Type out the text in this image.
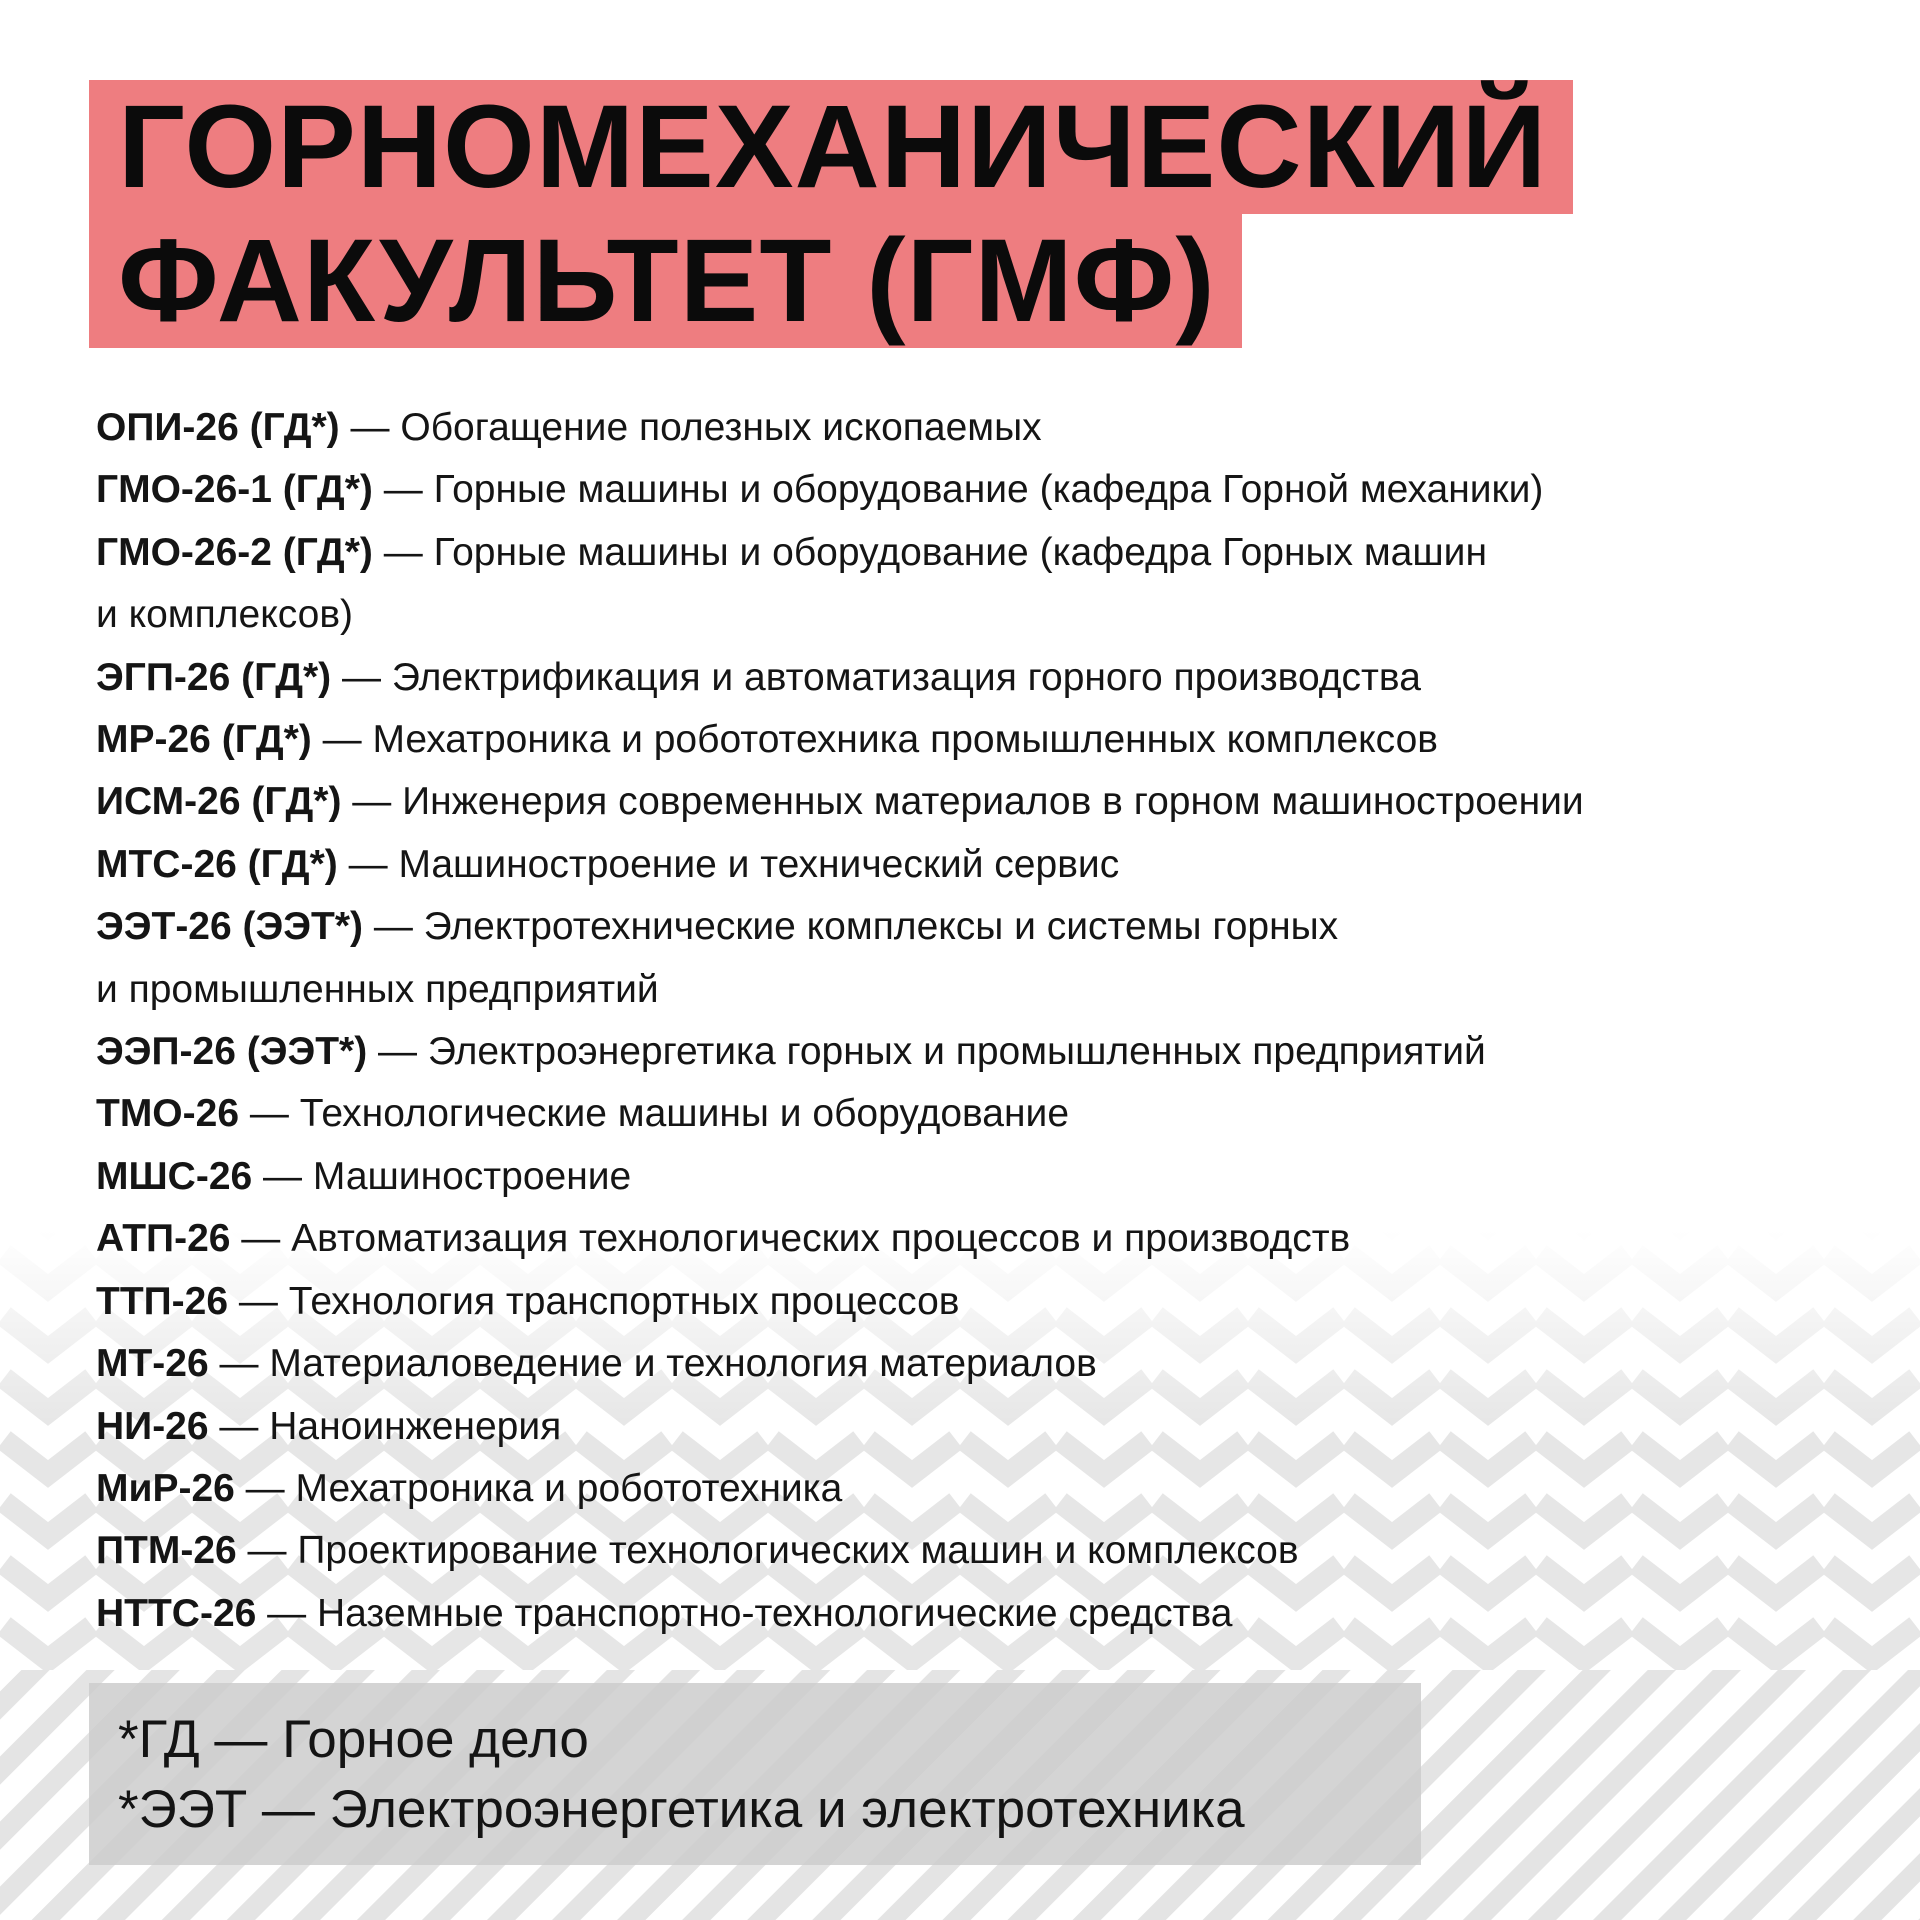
ГОРНОМЕХАНИЧЕСКИЙ
ФАКУЛЬТЕТ (ГМФ)
ОПИ-26 (ГД*) — Обогащение полезных ископаемых
ГМО-26-1 (ГД*) — Горные машины и оборудование (кафедра Горной механики)
ГМО-26-2 (ГД*) — Горные машины и оборудование (кафедра Горных машин
и комплексов)
ЭГП-26 (ГД*) — Электрификация и автоматизация горного производства
МР-26 (ГД*) — Мехатроника и робототехника промышленных комплексов
ИСМ-26 (ГД*) — Инженерия современных материалов в горном машиностроении
МТС-26 (ГД*) — Машиностроение и технический сервис
ЭЭТ-26 (ЭЭТ*) — Электротехнические комплексы и системы горных
и промышленных предприятий
ЭЭП-26 (ЭЭТ*) — Электроэнергетика горных и промышленных предприятий
ТМО-26 — Технологические машины и оборудование
МШС-26 — Машиностроение
АТП-26 — Автоматизация технологических процессов и производств
ТТП-26 — Технология транспортных процессов
МТ-26 — Материаловедение и технология материалов
НИ-26 — Наноинженерия
МиР-26 — Мехатроника и робототехника
ПТМ-26 — Проектирование технологических машин и комплексов
НТТС-26 — Наземные транспортно-технологические средства
*ГД — Горное дело
*ЭЭТ — Электроэнергетика и электротехника
